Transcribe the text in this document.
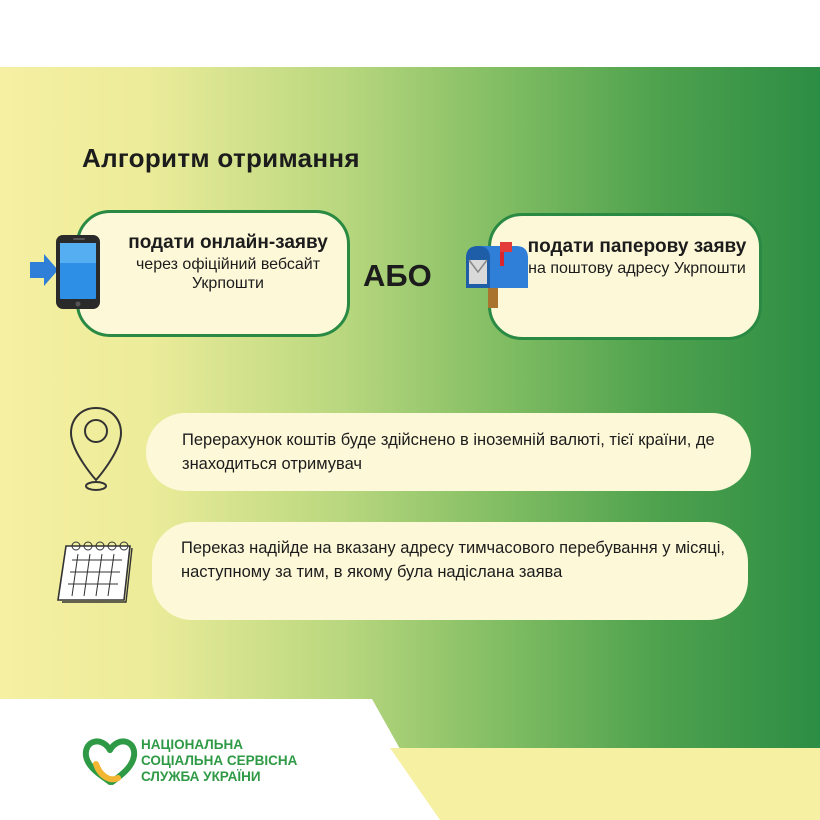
Алгоритм отримання
подати онлайн-заяву
через офіційний вебсайт Укрпошти	АБО
подати паперову заяву
на поштову адресу Укрпошти
Перерахунок коштів буде здійснено в іноземній валюті, тієї країни, де знаходиться отримувач
Переказ надійде на вказану адресу тимчасового перебування у місяці, наступному за тим, в якому була надіслана заява
НАЦІОНАЛЬНА
СОЦІАЛЬНА СЕРВІСНА
СЛУЖБА УКРАЇНИ
